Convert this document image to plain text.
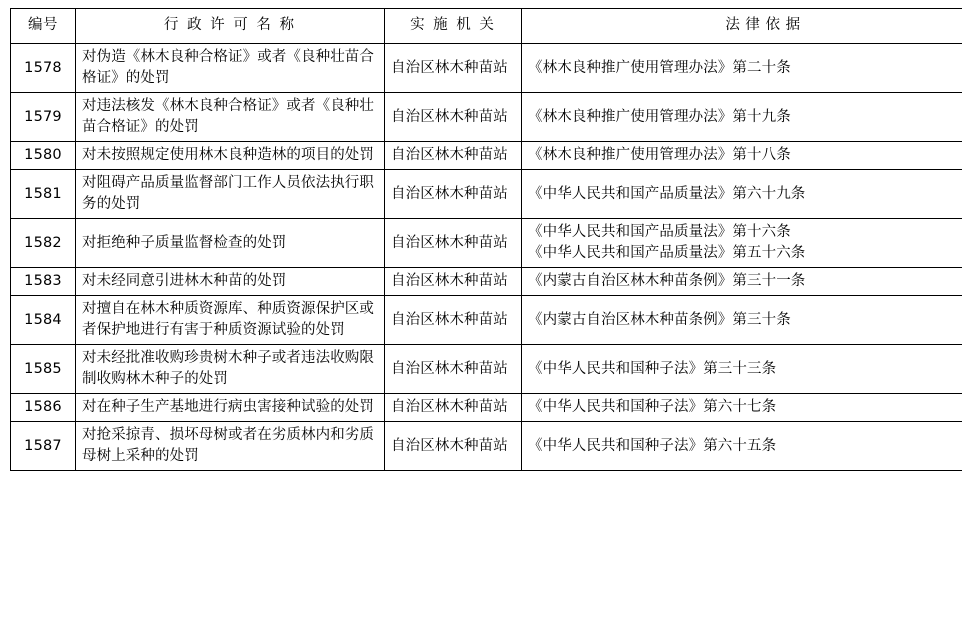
编号	行 政 许 可 名 称	实 施 机 关	法 律 依 据
1578	对伪造《林木良种合格证》或者《良种壮苗合格证》的处罚	自治区林木种苗站	《林木良种推广使用管理办法》第二十条

1579	对违法核发《林木良种合格证》或者《良种壮苗合格证》的处罚	自治区林木种苗站	《林木良种推广使用管理办法》第十九条

1580	对未按照规定使用林木良种造林的项目的处罚	自治区林木种苗站	《林木良种推广使用管理办法》第十八条

1581	对阻碍产品质量监督部门工作人员依法执行职务的处罚	自治区林木种苗站	《中华人民共和国产品质量法》第六十九条

1582	对拒绝种子质量监督检查的处罚	自治区林木种苗站	《中华人民共和国产品质量法》第十六条
《中华人民共和国产品质量法》第五十六条

1583	对未经同意引进林木种苗的处罚	自治区林木种苗站	《内蒙古自治区林木种苗条例》第三十一条

1584	对擅自在林木种质资源库、种质资源保护区或者保护地进行有害于种质资源试验的处罚	自治区林木种苗站	《内蒙古自治区林木种苗条例》第三十条

1585	对未经批准收购珍贵树木种子或者违法收购限制收购林木种子的处罚	自治区林木种苗站	《中华人民共和国种子法》第三十三条

1586	对在种子生产基地进行病虫害接种试验的处罚	自治区林木种苗站	《中华人民共和国种子法》第六十七条

1587	对抢采掠青、损坏母树或者在劣质林内和劣质母树上采种的处罚	自治区林木种苗站	《中华人民共和国种子法》第六十五条
